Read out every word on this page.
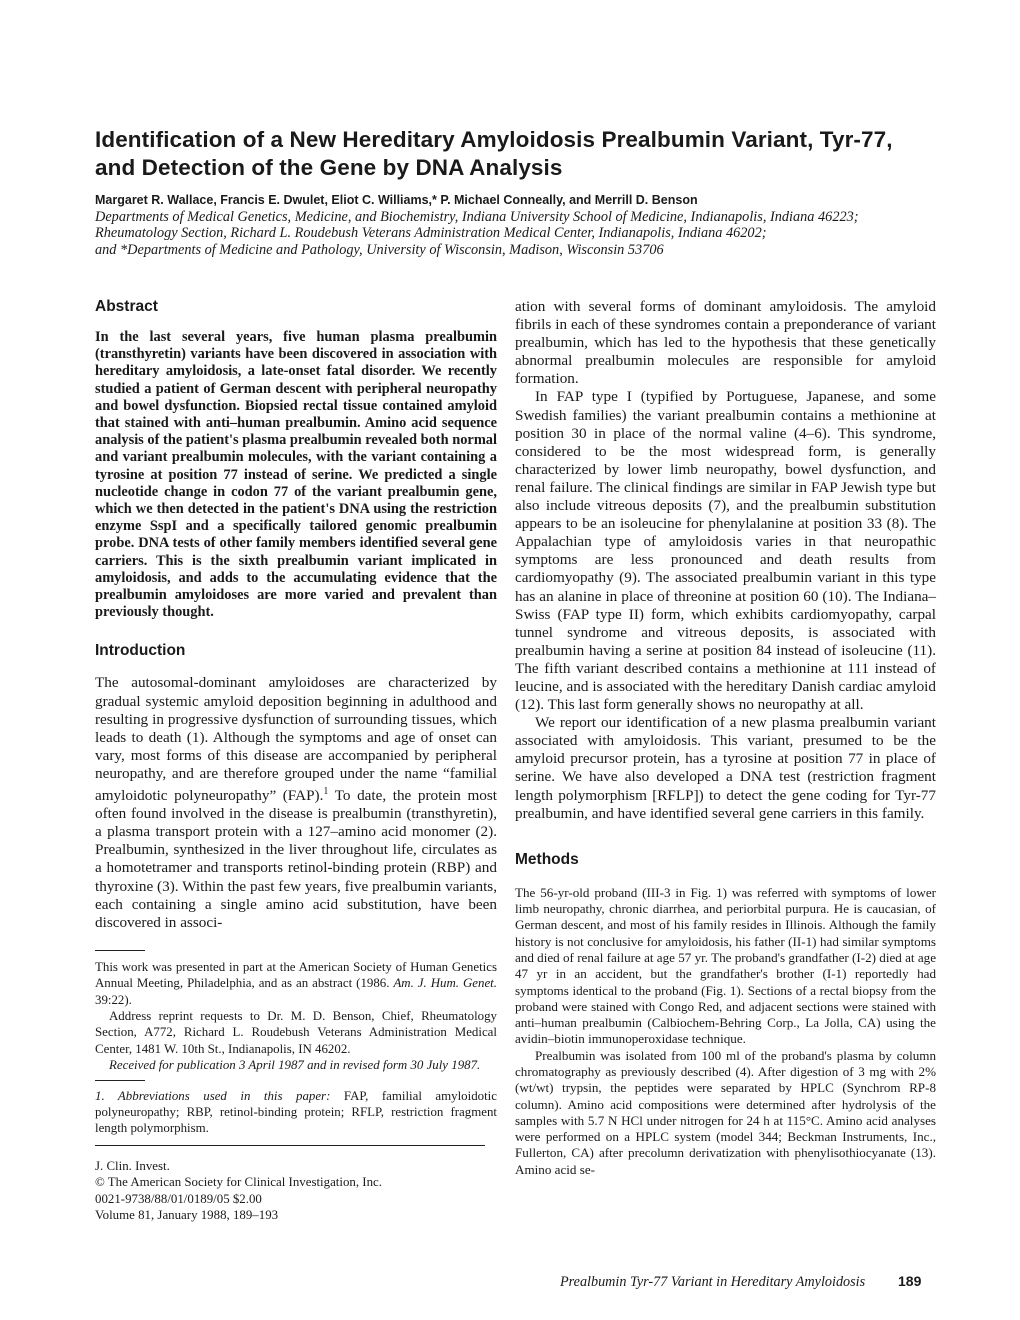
Identification of a New Hereditary Amyloidosis Prealbumin Variant, Tyr-77,
and Detection of the Gene by DNA Analysis
Margaret R. Wallace, Francis E. Dwulet, Eliot C. Williams,* P. Michael Conneally, and Merrill D. Benson
Departments of Medical Genetics, Medicine, and Biochemistry, Indiana University School of Medicine, Indianapolis, Indiana 46223;
Rheumatology Section, Richard L. Roudebush Veterans Administration Medical Center, Indianapolis, Indiana 46202;
and *Departments of Medicine and Pathology, University of Wisconsin, Madison, Wisconsin 53706
Abstract

In the last several years, five human plasma prealbumin (transthyretin) variants have been discovered in association with hereditary amyloidosis, a late-onset fatal disorder. We recently studied a patient of German descent with peripheral neuropathy and bowel dysfunction. Biopsied rectal tissue contained amyloid that stained with anti–human prealbumin. Amino acid sequence analysis of the patient's plasma prealbumin revealed both normal and variant prealbumin molecules, with the variant containing a tyrosine at position 77 instead of serine. We predicted a single nucleotide change in codon 77 of the variant prealbumin gene, which we then detected in the patient's DNA using the restriction enzyme SspI and a specifically tailored genomic prealbumin probe. DNA tests of other family members identified several gene carriers. This is the sixth prealbumin variant implicated in amyloidosis, and adds to the accumulating evidence that the prealbumin amyloidoses are more varied and prevalent than previously thought.

Introduction

The autosomal-dominant amyloidoses are characterized by gradual systemic amyloid deposition beginning in adulthood and resulting in progressive dysfunction of surrounding tissues, which leads to death (1). Although the symptoms and age of onset can vary, most forms of this disease are accompanied by peripheral neuropathy, and are therefore grouped under the name “familial amyloidotic polyneuropathy” (FAP).$^1$ To date, the protein most often found involved in the disease is prealbumin (transthyretin), a plasma transport protein with a 127–amino acid monomer (2). Prealbumin, synthesized in the liver throughout life, circulates as a homotetramer and transports retinol-binding protein (RBP) and thyroxine (3). Within the past few years, five prealbumin variants, each containing a single amino acid substitution, have been discovered in associ-

This work was presented in part at the American Society of Human Genetics Annual Meeting, Philadelphia, and as an abstract (1986. Am. J. Hum. Genet. 39:22).

Address reprint requests to Dr. M. D. Benson, Chief, Rheumatology Section, A772, Richard L. Roudebush Veterans Administration Medical Center, 1481 W. 10th St., Indianapolis, IN 46202.

Received for publication 3 April 1987 and in revised form 30 July 1987.

1. Abbreviations used in this paper: FAP, familial amyloidotic polyneuropathy; RBP, retinol-binding protein; RFLP, restriction fragment length polymorphism.

J. Clin. Invest.

© The American Society for Clinical Investigation, Inc.

0021-9738/88/01/0189/05 $2.00

Volume 81, January 1988, 189–193

ation with several forms of dominant amyloidosis. The amyloid fibrils in each of these syndromes contain a preponderance of variant prealbumin, which has led to the hypothesis that these genetically abnormal prealbumin molecules are responsible for amyloid formation.

In FAP type I (typified by Portuguese, Japanese, and some Swedish families) the variant prealbumin contains a methionine at position 30 in place of the normal valine (4–6). This syndrome, considered to be the most widespread form, is generally characterized by lower limb neuropathy, bowel dysfunction, and renal failure. The clinical findings are similar in FAP Jewish type but also include vitreous deposits (7), and the prealbumin substitution appears to be an isoleucine for phenylalanine at position 33 (8). The Appalachian type of amyloidosis varies in that neuropathic symptoms are less pronounced and death results from cardiomyopathy (9). The associated prealbumin variant in this type has an alanine in place of threonine at position 60 (10). The Indiana–Swiss (FAP type II) form, which exhibits cardiomyopathy, carpal tunnel syndrome and vitreous deposits, is associated with prealbumin having a serine at position 84 instead of isoleucine (11). The fifth variant described contains a methionine at 111 instead of leucine, and is associated with the hereditary Danish cardiac amyloid (12). This last form generally shows no neuropathy at all.

We report our identification of a new plasma prealbumin variant associated with amyloidosis. This variant, presumed to be the amyloid precursor protein, has a tyrosine at position 77 in place of serine. We have also developed a DNA test (restriction fragment length polymorphism [RFLP]) to detect the gene coding for Tyr-77 prealbumin, and have identified several gene carriers in this family.

Methods

The 56-yr-old proband (III-3 in Fig. 1) was referred with symptoms of lower limb neuropathy, chronic diarrhea, and periorbital purpura. He is caucasian, of German descent, and most of his family resides in Illinois. Although the family history is not conclusive for amyloidosis, his father (II-1) had similar symptoms and died of renal failure at age 57 yr. The proband's grandfather (I-2) died at age 47 yr in an accident, but the grandfather's brother (I-1) reportedly had symptoms identical to the proband (Fig. 1). Sections of a rectal biopsy from the proband were stained with Congo Red, and adjacent sections were stained with anti–human prealbumin (Calbiochem-Behring Corp., La Jolla, CA) using the avidin–biotin immunoperoxidase technique.

Prealbumin was isolated from 100 ml of the proband's plasma by column chromatography as previously described (4). After digestion of 3 mg with 2% (wt/wt) trypsin, the peptides were separated by HPLC (Synchrom RP-8 column). Amino acid compositions were determined after hydrolysis of the samples with 5.7 N HCl under nitrogen for 24 h at 115°C. Amino acid analyses were performed on a HPLC system (model 344; Beckman Instruments, Inc., Fullerton, CA) after precolumn derivatization with phenylisothiocyanate (13). Amino acid se-

Prealbumin Tyr-77 Variant in Hereditary Amyloidosis 189
